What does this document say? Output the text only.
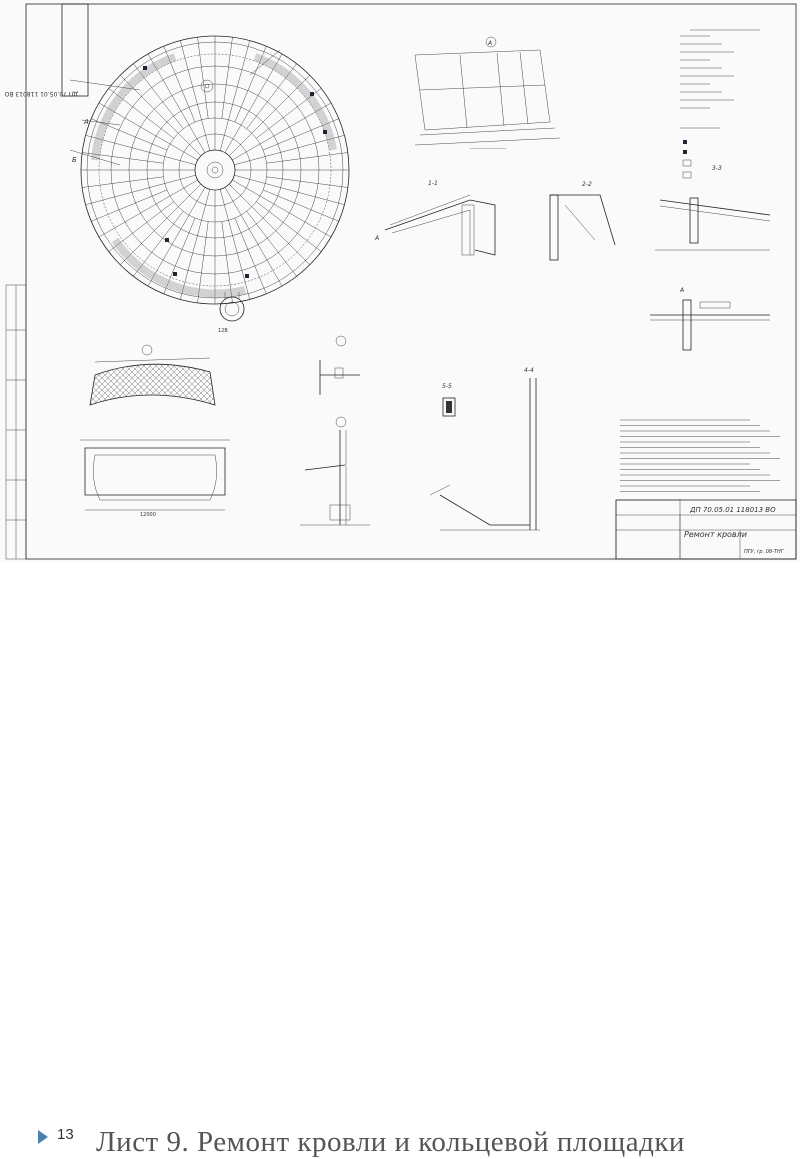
ДП 70.05.01 118013 ВО
Б
А
12В
А
—————————
1-1
А
2-2
3-3
А
12000
5-5
4-4
ДП 70.05.01 118013 ВО
Ремонт кровли
ПГУ, гр. 08-ТНГ
13 Лист 9. Ремонт кровли и кольцевой площадки
